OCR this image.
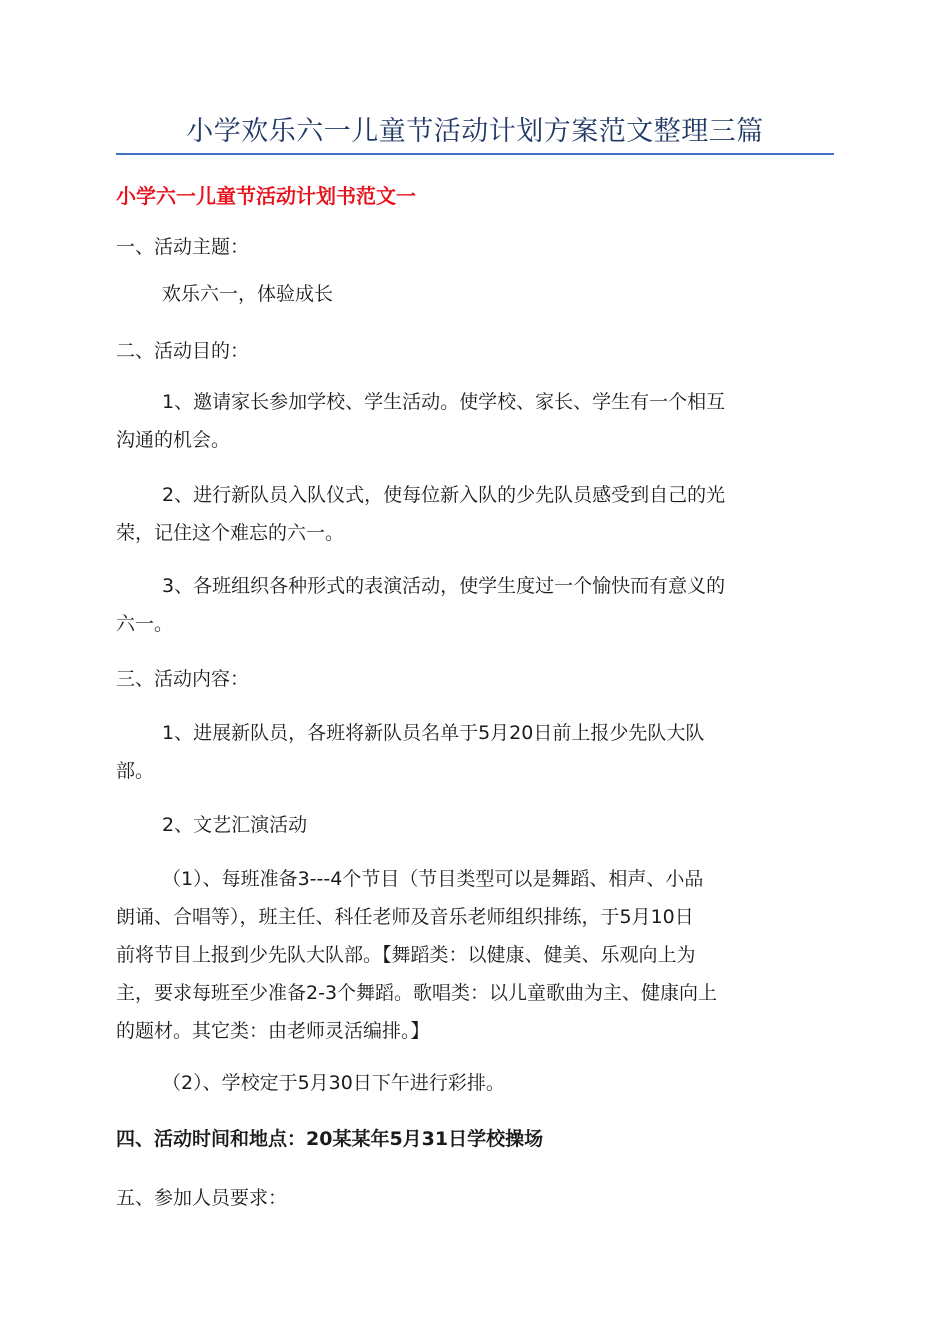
小学欢乐六一儿童节活动计划方案范文整理三篇
小学六一儿童节活动计划书范文一
一、活动主题：
欢乐六一，体验成长
二、活动目的：
1、邀请家长参加学校、学生活动。使学校、家长、学生有一个相互
沟通的机会。
2、进行新队员入队仪式，使每位新入队的少先队员感受到自己的光
荣，记住这个难忘的六一。
3、各班组织各种形式的表演活动，使学生度过一个愉快而有意义的
六一。
三、活动内容：
1、进展新队员，各班将新队员名单于5月20日前上报少先队大队
部。
2、文艺汇演活动
（1）、每班准备3---4个节目（节目类型可以是舞蹈、相声、小品
朗诵、合唱等），班主任、科任老师及音乐老师组织排练，于5月10日
前将节目上报到少先队大队部。【舞蹈类：以健康、健美、乐观向上为
主，要求每班至少准备2-3个舞蹈。歌唱类：以儿童歌曲为主、健康向上
的题材。其它类：由老师灵活编排。】
（2）、学校定于5月30日下午进行彩排。
四、活动时间和地点：20某某年5月31日学校操场
五、参加人员要求：
